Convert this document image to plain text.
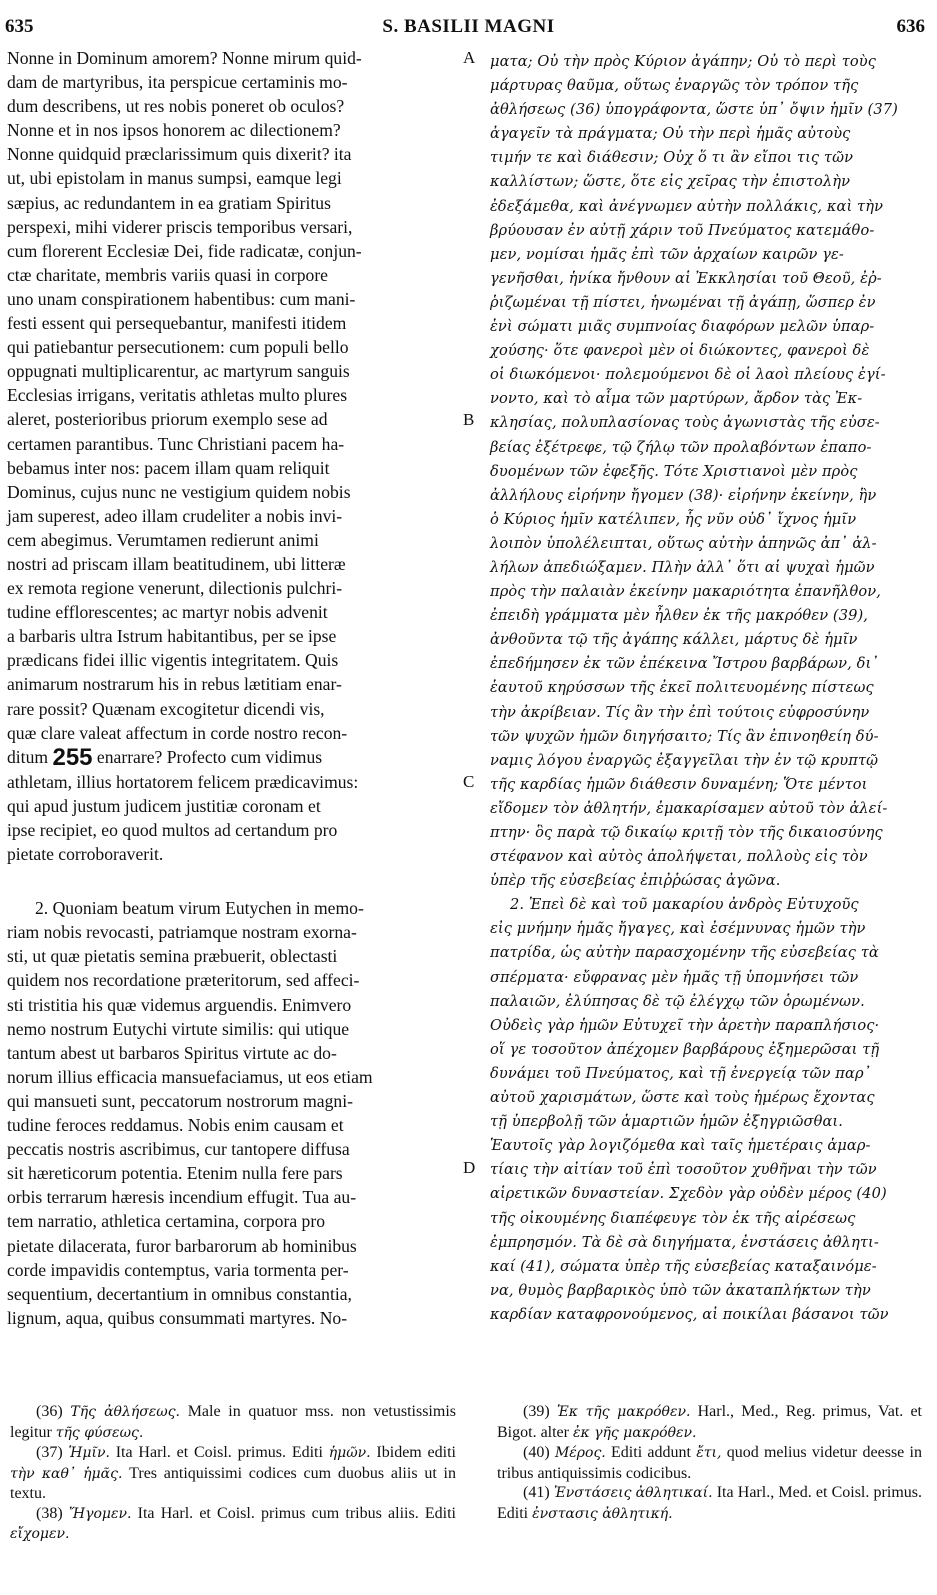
635	S. BASILII MAGNI	636

Nonne in Dominum amorem? Nonne mirum quid-

dam de martyribus, ita perspicue certaminis mo-

dum describens, ut res nobis poneret ob oculos?

Nonne et in nos ipsos honorem ac dilectionem?

Nonne quidquid præclarissimum quis dixerit? ita

ut, ubi epistolam in manus sumpsi, eamque legi

sæpius, ac redundantem in ea gratiam Spiritus

perspexi, mihi viderer priscis temporibus versari,

cum florerent Ecclesiæ Dei, fide radicatæ, conjun-

ctæ charitate, membris variis quasi in corpore

uno unam conspirationem habentibus: cum mani-

festi essent qui persequebantur, manifesti itidem

qui patiebantur persecutionem: cum populi bello

oppugnati multiplicarentur, ac martyrum sanguis

Ecclesias irrigans, veritatis athletas multo plures

aleret, posterioribus priorum exemplo sese ad

certamen parantibus. Tunc Christiani pacem ha-

bebamus inter nos: pacem illam quam reliquit

Dominus, cujus nunc ne vestigium quidem nobis

jam superest, adeo illam crudeliter a nobis invi-

cem abegimus. Verumtamen redierunt animi

nostri ad priscam illam beatitudinem, ubi litteræ

ex remota regione venerunt, dilectionis pulchri-

tudine efflorescentes; ac martyr nobis advenit

a barbaris ultra Istrum habitantibus, per se ipse

prædicans fidei illic vigentis integritatem. Quis

animarum nostrarum his in rebus lætitiam enar-

rare possit? Quænam excogitetur dicendi vis,

quæ clare valeat affectum in corde nostro recon-

ditum 255 enarrare? Profecto cum vidimus

athletam, illius hortatorem felicem prædicavimus:

qui apud justum judicem justitiæ coronam et

ipse recipiet, eo quod multos ad certandum pro

pietate corroboraverit.

2. Quoniam beatum virum Eutychen in memo-

riam nobis revocasti, patriamque nostram exorna-

sti, ut quæ pietatis semina præbuerit, oblectasti

quidem nos recordatione præteritorum, sed affeci-

sti tristitia his quæ videmus arguendis. Enimvero

nemo nostrum Eutychi virtute similis: qui utique

tantum abest ut barbaros Spiritus virtute ac do-

norum illius efficacia mansuefaciamus, ut eos etiam

qui mansueti sunt, peccatorum nostrorum magni-

tudine feroces reddamus. Nobis enim causam et

peccatis nostris ascribimus, cur tantopere diffusa

sit hæreticorum potentia. Etenim nulla fere pars

orbis terrarum hæresis incendium effugit. Tua au-

tem narratio, athletica certamina, corpora pro

pietate dilacerata, furor barbarorum ab hominibus

corde impavidis contemptus, varia tormenta per-

sequentium, decertantium in omnibus constantia,

lignum, aqua, quibus consummati martyres. No-

ματα; Οὐ τὴν πρὸς Κύριον ἀγάπην; Οὐ τὸ περὶ τοὺς

μάρτυρας θαῦμα, οὕτως ἐναργῶς τὸν τρόπον τῆς

ἀθλήσεως (36) ὑπογράφοντα, ὥστε ὑπ᾽ ὄψιν ἡμῖν (37)

ἀγαγεῖν τὰ πράγματα; Οὐ τὴν περὶ ἡμᾶς αὐτοὺς

τιμήν τε καὶ διάθεσιν; Οὐχ ὅ τι ἂν εἴποι τις τῶν

καλλίστων; ὥστε, ὅτε εἰς χεῖρας τὴν ἐπιστολὴν

ἐδεξάμεθα, καὶ ἀνέγνωμεν αὐτὴν πολλάκις, καὶ τὴν

βρύουσαν ἐν αὐτῇ χάριν τοῦ Πνεύματος κατεμάθο-

μεν, νομίσαι ἡμᾶς ἐπὶ τῶν ἀρχαίων καιρῶν γε-

γενῆσθαι, ἡνίκα ἤνθουν αἱ Ἐκκλησίαι τοῦ Θεοῦ, ἐῤ-

ῥιζωμέναι τῇ πίστει, ἡνωμέναι τῇ ἀγάπῃ, ὥσπερ ἐν

ἑνὶ σώματι μιᾶς συμπνοίας διαφόρων μελῶν ὑπαρ-

χούσης· ὅτε φανεροὶ μὲν οἱ διώκοντες, φανεροὶ δὲ

οἱ διωκόμενοι· πολεμούμενοι δὲ οἱ λαοὶ πλείους ἐγί-

νοντο, καὶ τὸ αἷμα τῶν μαρτύρων, ἄρδον τὰς Ἐκ-

κλησίας, πολυπλασίονας τοὺς ἀγωνιστὰς τῆς εὐσε-

βείας ἐξέτρεφε, τῷ ζήλῳ τῶν προλαβόντων ἐπαπο-

δυομένων τῶν ἐφεξῆς. Τότε Χριστιανοὶ μὲν πρὸς

ἀλλήλους εἰρήνην ἤγομεν (38)· εἰρήνην ἐκείνην, ἣν

ὁ Κύριος ἡμῖν κατέλιπεν, ἧς νῦν οὐδ᾽ ἴχνος ἡμῖν

λοιπὸν ὑπολέλειπται, οὕτως αὐτὴν ἀπηνῶς ἀπ᾽ ἀλ-

λήλων ἀπεδιώξαμεν. Πλὴν ἀλλ᾽ ὅτι αἱ ψυχαὶ ἡμῶν

πρὸς τὴν παλαιὰν ἐκείνην μακαριότητα ἐπανῆλθον,

ἐπειδὴ γράμματα μὲν ἦλθεν ἐκ τῆς μακρόθεν (39),

ἀνθοῦντα τῷ τῆς ἀγάπης κάλλει, μάρτυς δὲ ἡμῖν

ἐπεδήμησεν ἐκ τῶν ἐπέκεινα Ἴστρου βαρβάρων, δι᾽

ἑαυτοῦ κηρύσσων τῆς ἐκεῖ πολιτευομένης πίστεως

τὴν ἀκρίβειαν. Τίς ἂν τὴν ἐπὶ τούτοις εὐφροσύνην

τῶν ψυχῶν ἡμῶν διηγήσαιτο; Τίς ἂν ἐπινοηθείη δύ-

ναμις λόγου ἐναργῶς ἐξαγγεῖλαι τὴν ἐν τῷ κρυπτῷ

τῆς καρδίας ἡμῶν διάθεσιν δυναμένη; Ὅτε μέντοι

εἴδομεν τὸν ἀθλητήν, ἐμακαρίσαμεν αὐτοῦ τὸν ἀλεί-

πτην· ὃς παρὰ τῷ δικαίῳ κριτῇ τὸν τῆς δικαιοσύνης

στέφανον καὶ αὐτὸς ἀπολήψεται, πολλοὺς εἰς τὸν

ὑπὲρ τῆς εὐσεβείας ἐπιῤῥώσας ἀγῶνα.

2. Ἐπεὶ δὲ καὶ τοῦ μακαρίου ἀνδρὸς Εὐτυχοῦς

εἰς μνήμην ἡμᾶς ἤγαγες, καὶ ἐσέμνυνας ἡμῶν τὴν

πατρίδα, ὡς αὐτὴν παρασχομένην τῆς εὐσεβείας τὰ

σπέρματα· εὔφρανας μὲν ἡμᾶς τῇ ὑπομνήσει τῶν

παλαιῶν, ἐλύπησας δὲ τῷ ἐλέγχῳ τῶν ὁρωμένων.

Οὐδεὶς γὰρ ἡμῶν Εὐτυχεῖ τὴν ἀρετὴν παραπλήσιος·

οἵ γε τοσοῦτον ἀπέχομεν βαρβάρους ἐξημερῶσαι τῇ

δυνάμει τοῦ Πνεύματος, καὶ τῇ ἐνεργείᾳ τῶν παρ᾽

αὐτοῦ χαρισμάτων, ὥστε καὶ τοὺς ἡμέρως ἔχοντας

τῇ ὑπερβολῇ τῶν ἁμαρτιῶν ἡμῶν ἐξηγριῶσθαι.

Ἑαυτοῖς γὰρ λογιζόμεθα καὶ ταῖς ἡμετέραις ἁμαρ-

τίαις τὴν αἰτίαν τοῦ ἐπὶ τοσοῦτον χυθῆναι τὴν τῶν

αἱρετικῶν δυναστείαν. Σχεδὸν γὰρ οὐδὲν μέρος (40)

τῆς οἰκουμένης διαπέφευγε τὸν ἐκ τῆς αἱρέσεως

ἐμπρησμόν. Τὰ δὲ σὰ διηγήματα, ἐνστάσεις ἀθλητι-

καί (41), σώματα ὑπὲρ τῆς εὐσεβείας καταξαινόμε-

να, θυμὸς βαρβαρικὸς ὑπὸ τῶν ἀκαταπλήκτων τὴν

καρδίαν καταφρονούμενος, αἱ ποικίλαι βάσανοι τῶν

A
B
C
D

(36) Τῆς ἀθλήσεως. Male in quatuor mss. non vetustissimis legitur τῆς φύσεως.

(37) Ἡμῖν. Ita Harl. et Coisl. primus. Editi ἡμῶν. Ibidem editi τὴν καθ᾽ ἡμᾶς. Tres antiquissimi codices cum duobus aliis ut in textu.

(38) Ἤγομεν. Ita Harl. et Coisl. primus cum tribus aliis. Editi εἴχομεν.

(39) Ἐκ τῆς μακρόθεν. Harl., Med., Reg. primus, Vat. et Bigot. alter ἐκ γῆς μακρόθεν.

(40) Μέρος. Editi addunt ἔτι, quod melius videtur deesse in tribus antiquissimis codicibus.

(41) Ἐνστάσεις ἀθλητικαί. Ita Harl., Med. et Coisl. primus. Editi ἐνστασις ἀθλητική.
